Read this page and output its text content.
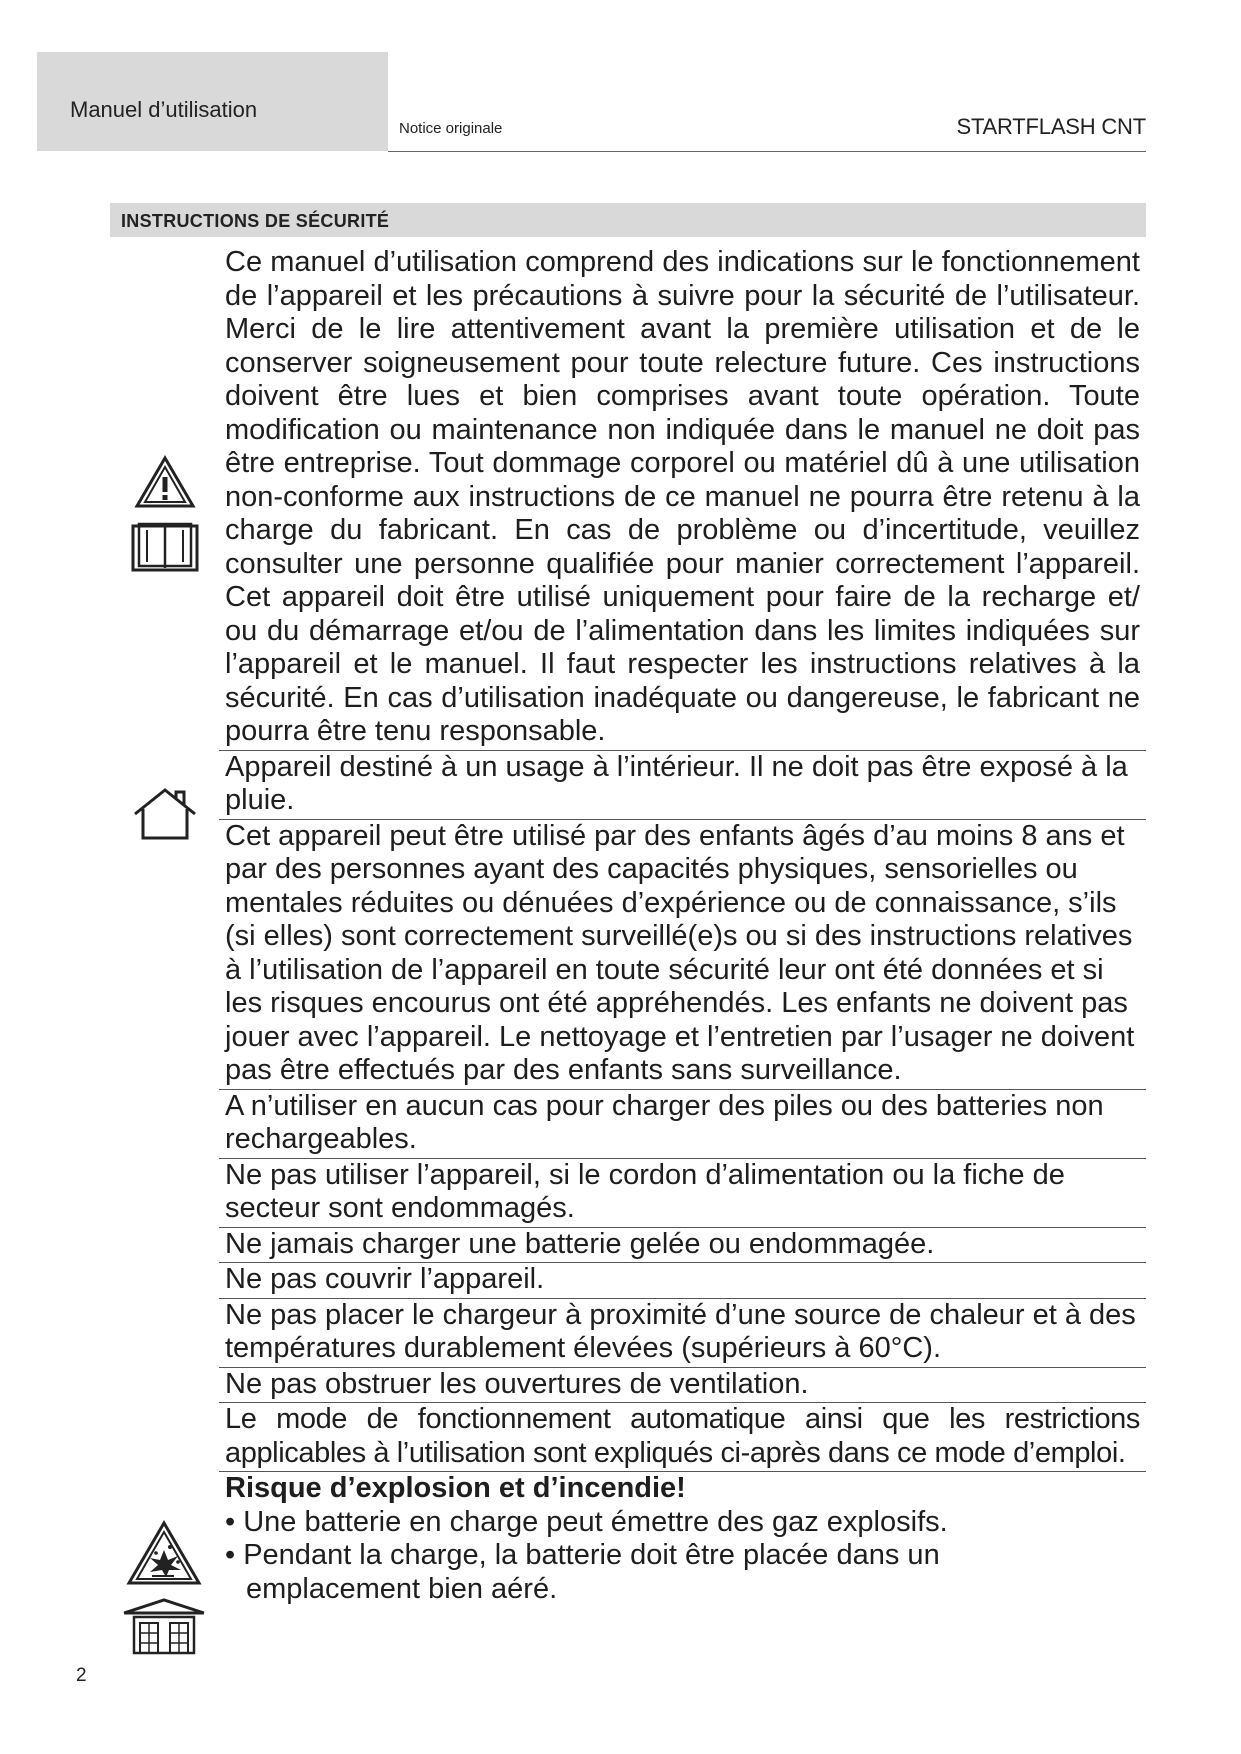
Manuel d’utilisation
Notice originale	STARTFLASH CNT
INSTRUCTIONS DE SÉCURITÉ

Ce manuel d’utilisation comprend des indications sur le fonctionnement de l’appareil et les précautions à suivre pour la sécurité de l’utilisateur. Merci de le lire attentivement avant la première utilisation et de le conserver soigneusement pour toute relecture future. Ces instructions doivent être lues et bien comprises avant toute opération. Toute modification ou maintenance non indiquée dans le manuel ne doit pas être entreprise. Tout dommage corporel ou matériel dû à une utilisation non-conforme aux instructions de ce manuel ne pourra être retenu à la charge du fabricant. En cas de problème ou d’incertitude, veuillez consulter une personne qualifiée pour manier correctement l’appareil. Cet appareil doit être utilisé uniquement pour faire de la recharge et/ ou du démarrage et/ou de l’alimentation dans les limites indiquées sur l’appareil et le manuel. Il faut respecter les instructions relatives à la sécurité. En cas d’utilisation inadéquate ou dangereuse, le fabricant ne pourra être tenu responsable.

Appareil destiné à un usage à l’intérieur. Il ne doit pas être exposé à la pluie.

Cet appareil peut être utilisé par des enfants âgés d’au moins 8 ans et par des personnes ayant des capacités physiques, sensorielles ou mentales réduites ou dénuées d’expérience ou de connaissance, s’ils (si elles) sont correctement surveillé(e)s ou si des instructions relatives à l’utilisation de l’appareil en toute sécurité leur ont été données et si les risques encourus ont été appréhendés. Les enfants ne doivent pas jouer avec l’appareil. Le nettoyage et l’entretien par l’usager ne doivent pas être effectués par des enfants sans surveillance.

A n’utiliser en aucun cas pour charger des piles ou des batteries non rechargeables.

Ne pas utiliser l’appareil, si le cordon d’alimentation ou la fiche de secteur sont endommagés.

Ne jamais charger une batterie gelée ou endommagée.

Ne pas couvrir l’appareil.

Ne pas placer le chargeur à proximité d’une source de chaleur et à des températures durablement élevées (supérieurs à 60°C).

Ne pas obstruer les ouvertures de ventilation.

Le mode de fonctionnement automatique ainsi que les restrictions applicables à l’utilisation sont expliqués ci-après dans ce mode d’emploi.

Risque d’explosion et d’incendie!

• Une batterie en charge peut émettre des gaz explosifs.

• Pendant la charge, la batterie doit être placée dans un

emplacement bien aéré.

2
